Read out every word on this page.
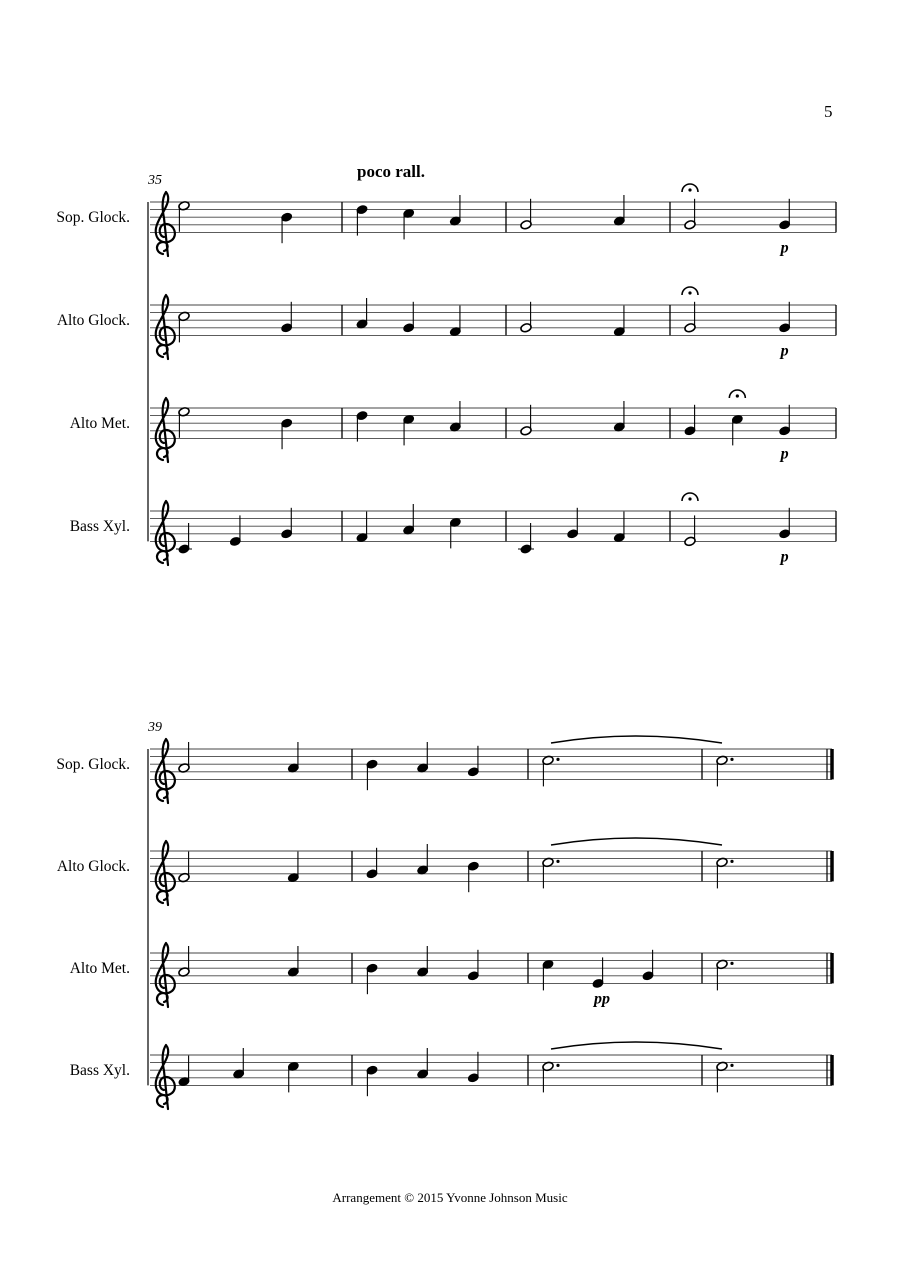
5
35	poco rall.
Sop. Glock.
p
Alto Glock.
p
Alto Met.
p
Bass Xyl.
p
39
Sop. Glock.
Alto Glock.
Alto Met.
pp
Bass Xyl.
Arrangement © 2015 Yvonne Johnson Music
